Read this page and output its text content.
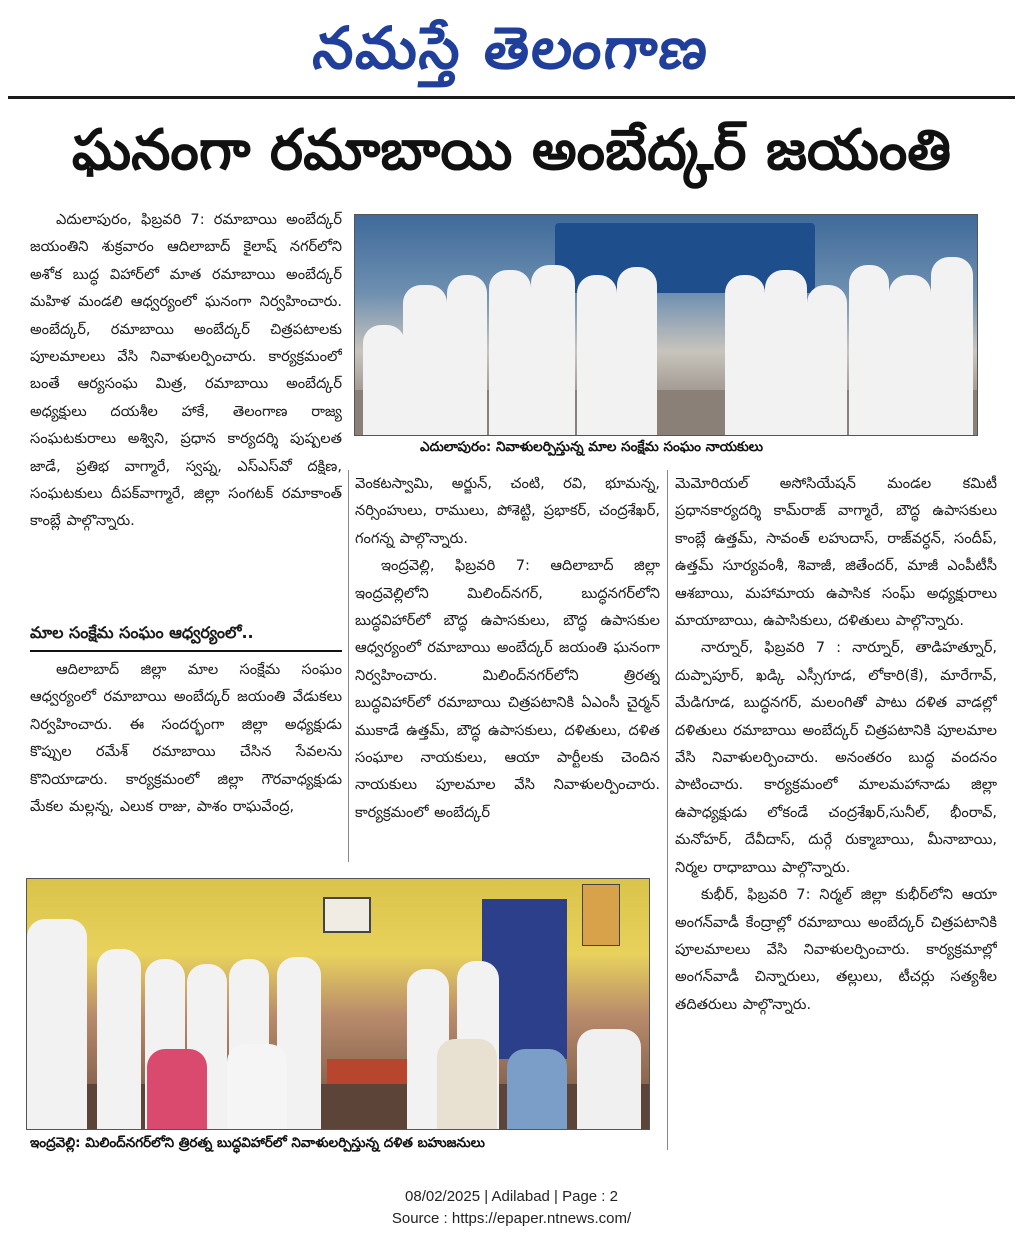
నమస్తే తెలంగాణ
ఘనంగా రమాబాయి అంబేద్కర్ జయంతి

ఎదులాపురం, ఫిబ్రవరి 7: రమాబాయి అంబేద్కర్ జయంతిని శుక్రవారం ఆదిలాబాద్ కైలాష్ నగర్‌లోని అశోక బుద్ధ విహార్‌లో మాత రమాబాయి అంబేద్కర్ మహిళ మండలి ఆధ్వర్యంలో ఘనంగా నిర్వహించారు. అంబేద్కర్, రమాబాయి అంబేద్కర్ చిత్రపటాలకు పూలమాలలు వేసి నివాళులర్పించారు. కార్యక్రమంలో బంతే ఆర్యసంఘ మిత్ర, రమాబాయి అంబేద్కర్ అధ్యక్షులు దయశీల హాకే, తెలంగాణ రాజ్య సంఘటకురాలు అశ్విని, ప్రధాన కార్యదర్శి పుష్పలత జాడే, ప్రతిభ వాగ్మారే, స్వప్న, ఎస్ఎస్‌వో దక్షిణ, సంఘటకులు దీపక్‌వాగ్మారే, జిల్లా సంగటక్ రమాకాంత్ కాంబ్లే పాల్గొన్నారు.

మాల సంక్షేమ సంఘం ఆధ్వర్యంలో..

ఆదిలాబాద్ జిల్లా మాల సంక్షేమ సంఘం ఆధ్వర్యంలో రమాబాయి అంబేద్కర్ జయంతి వేడుకలు నిర్వహించారు. ఈ సందర్భంగా జిల్లా అధ్యక్షుడు కొప్పుల రమేశ్ రమాబాయి చేసిన సేవలను కొనియాడారు. కార్యక్రమంలో జిల్లా గౌరవాధ్యక్షుడు మేకల మల్లన్న, ఎలుక రాజు, పాశం రాఘవేంద్ర,

ఎదులాపురం: నివాళులర్పిస్తున్న మాల సంక్షేమ సంఘం నాయకులు

వెంకటస్వామి, అర్జున్, చంటి, రవి, భూమన్న, నర్సింహులు, రాములు, పోశెట్టి, ప్రభాకర్, చంద్రశేఖర్, గంగన్న పాల్గొన్నారు.

ఇంద్రవెల్లి, ఫిబ్రవరి 7: ఆదిలాబాద్ జిల్లా ఇంద్రవెల్లిలోని మిలింద్‌నగర్, బుద్ధనగర్‌లోని బుద్ధవిహార్‌లో బౌద్ధ ఉపాసకులు, బౌద్ధ ఉపాసకుల ఆధ్వర్యంలో రమాబాయి అంబేద్కర్ జయంతి ఘనంగా నిర్వహించారు. మిలింద్‌నగర్‌లోని త్రిరత్న బుద్ధవిహార్‌లో రమాబాయి చిత్రపటానికి ఏఎంసీ చైర్మన్ ముకాడే ఉత్తమ్, బౌద్ధ ఉపాసకులు, దళితులు, దళిత సంఘాల నాయకులు, ఆయా పార్టీలకు చెందిన నాయకులు పూలమాల వేసి నివాళులర్పించారు. కార్యక్రమంలో అంబేద్కర్

మెమోరియల్ అసోసియేషన్ మండల కమిటీ ప్రధానకార్యదర్శి కామ్‌రాజ్ వాగ్మారే, బౌద్ధ ఉపాసకులు కాంబ్లే ఉత్తమ్, సావంత్ లహుదాస్, రాజ్‌వర్ధన్, సందీప్, ఉత్తమ్ సూర్యవంశీ, శివాజీ, జితేందర్, మాజీ ఎంపీటీసీ ఆశబాయి, మహామాయ ఉపాసిక సంఘ్ అధ్యక్షురాలు మాయాబాయి, ఉపాసికులు, దళితులు పాల్గొన్నారు.

నార్నూర్, ఫిబ్రవరి 7 : నార్నూర్, తాడిహత్నూర్, దుప్పాపూర్, ఖడ్కి ఎస్సీగూడ, లోకారి(కే), మారేగావ్, మేడిగూడ, బుద్ధనగర్, మలంగితో పాటు దళిత వాడల్లో దళితులు రమాబాయి అంబేద్కర్ చిత్రపటానికి పూలమాల వేసి నివాళులర్పించారు. అనంతరం బుద్ధ వందనం పాటించారు. కార్యక్రమంలో మాలమహానాడు జిల్లా ఉపాధ్యక్షుడు లోకండే చంద్రశేఖర్,సునీల్, భీంరావ్, మనోహర్, దేవీదాస్, దుర్గే రుక్మాబాయి, మీనాబాయి, నిర్మల రాధాబాయి పాల్గొన్నారు.

కుభీర్, ఫిబ్రవరి 7: నిర్మల్ జిల్లా కుభీర్‌లోని ఆయా అంగన్‌వాడీ కేంద్రాల్లో రమాబాయి అంబేద్కర్ చిత్రపటానికి పూలమాలలు వేసి నివాళులర్పించారు. కార్యక్రమాల్లో అంగన్‌వాడీ చిన్నారులు, తల్లులు, టీచర్లు సత్యశీల తదితరులు పాల్గొన్నారు.

ఇంద్రవెల్లి: మిలింద్‌నగర్‌లోని త్రిరత్న బుద్ధవిహార్‌లో నివాళులర్పిస్తున్న దళిత బహుజనులు
08/02/2025 | Adilabad | Page : 2
Source : https://epaper.ntnews.com/
